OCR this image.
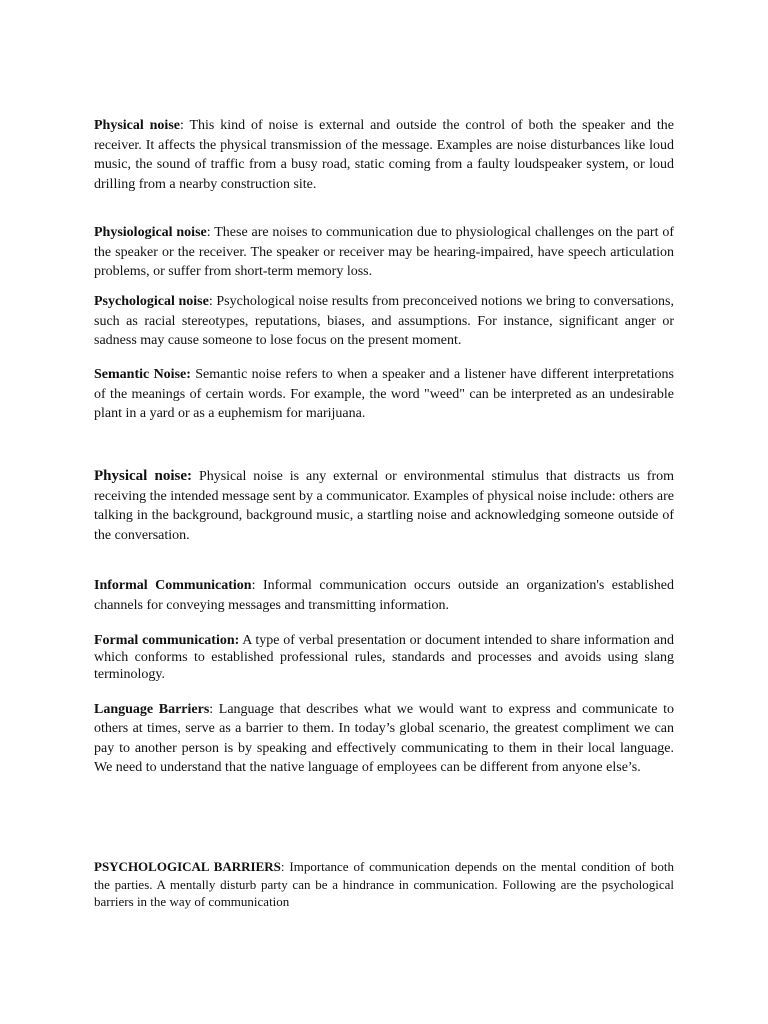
Physical noise: This kind of noise is external and outside the control of both the speaker and the receiver. It affects the physical transmission of the message. Examples are noise disturbances like loud music, the sound of traffic from a busy road, static coming from a faulty loudspeaker system, or loud drilling from a nearby construction site.

Physiological noise: These are noises to communication due to physiological challenges on the part of the speaker or the receiver. The speaker or receiver may be hearing-impaired, have speech articulation problems, or suffer from short-term memory loss.

Psychological noise: Psychological noise results from preconceived notions we bring to conversations, such as racial stereotypes, reputations, biases, and assumptions. For instance, significant anger or sadness may cause someone to lose focus on the present moment.

Semantic Noise: Semantic noise refers to when a speaker and a listener have different interpretations of the meanings of certain words. For example, the word "weed" can be interpreted as an undesirable plant in a yard or as a euphemism for marijuana.

Physical noise: Physical noise is any external or environmental stimulus that distracts us from receiving the intended message sent by a communicator. Examples of physical noise include: others are talking in the background, background music, a startling noise and acknowledging someone outside of the conversation.

Informal Communication: Informal communication occurs outside an organization's established channels for conveying messages and transmitting information.

Formal communication: A type of verbal presentation or document intended to share information and which conforms to established professional rules, standards and processes and avoids using slang terminology.

Language Barriers: Language that describes what we would want to express and communicate to others at times, serve as a barrier to them. In today’s global scenario, the greatest compliment we can pay to another person is by speaking and effectively communicating to them in their local language. We need to understand that the native language of employees can be different from anyone else’s.

PSYCHOLOGICAL BARRIERS: Importance of communication depends on the mental condition of both the parties. A mentally disturb party can be a hindrance in communication. Following are the psychological barriers in the way of communication
